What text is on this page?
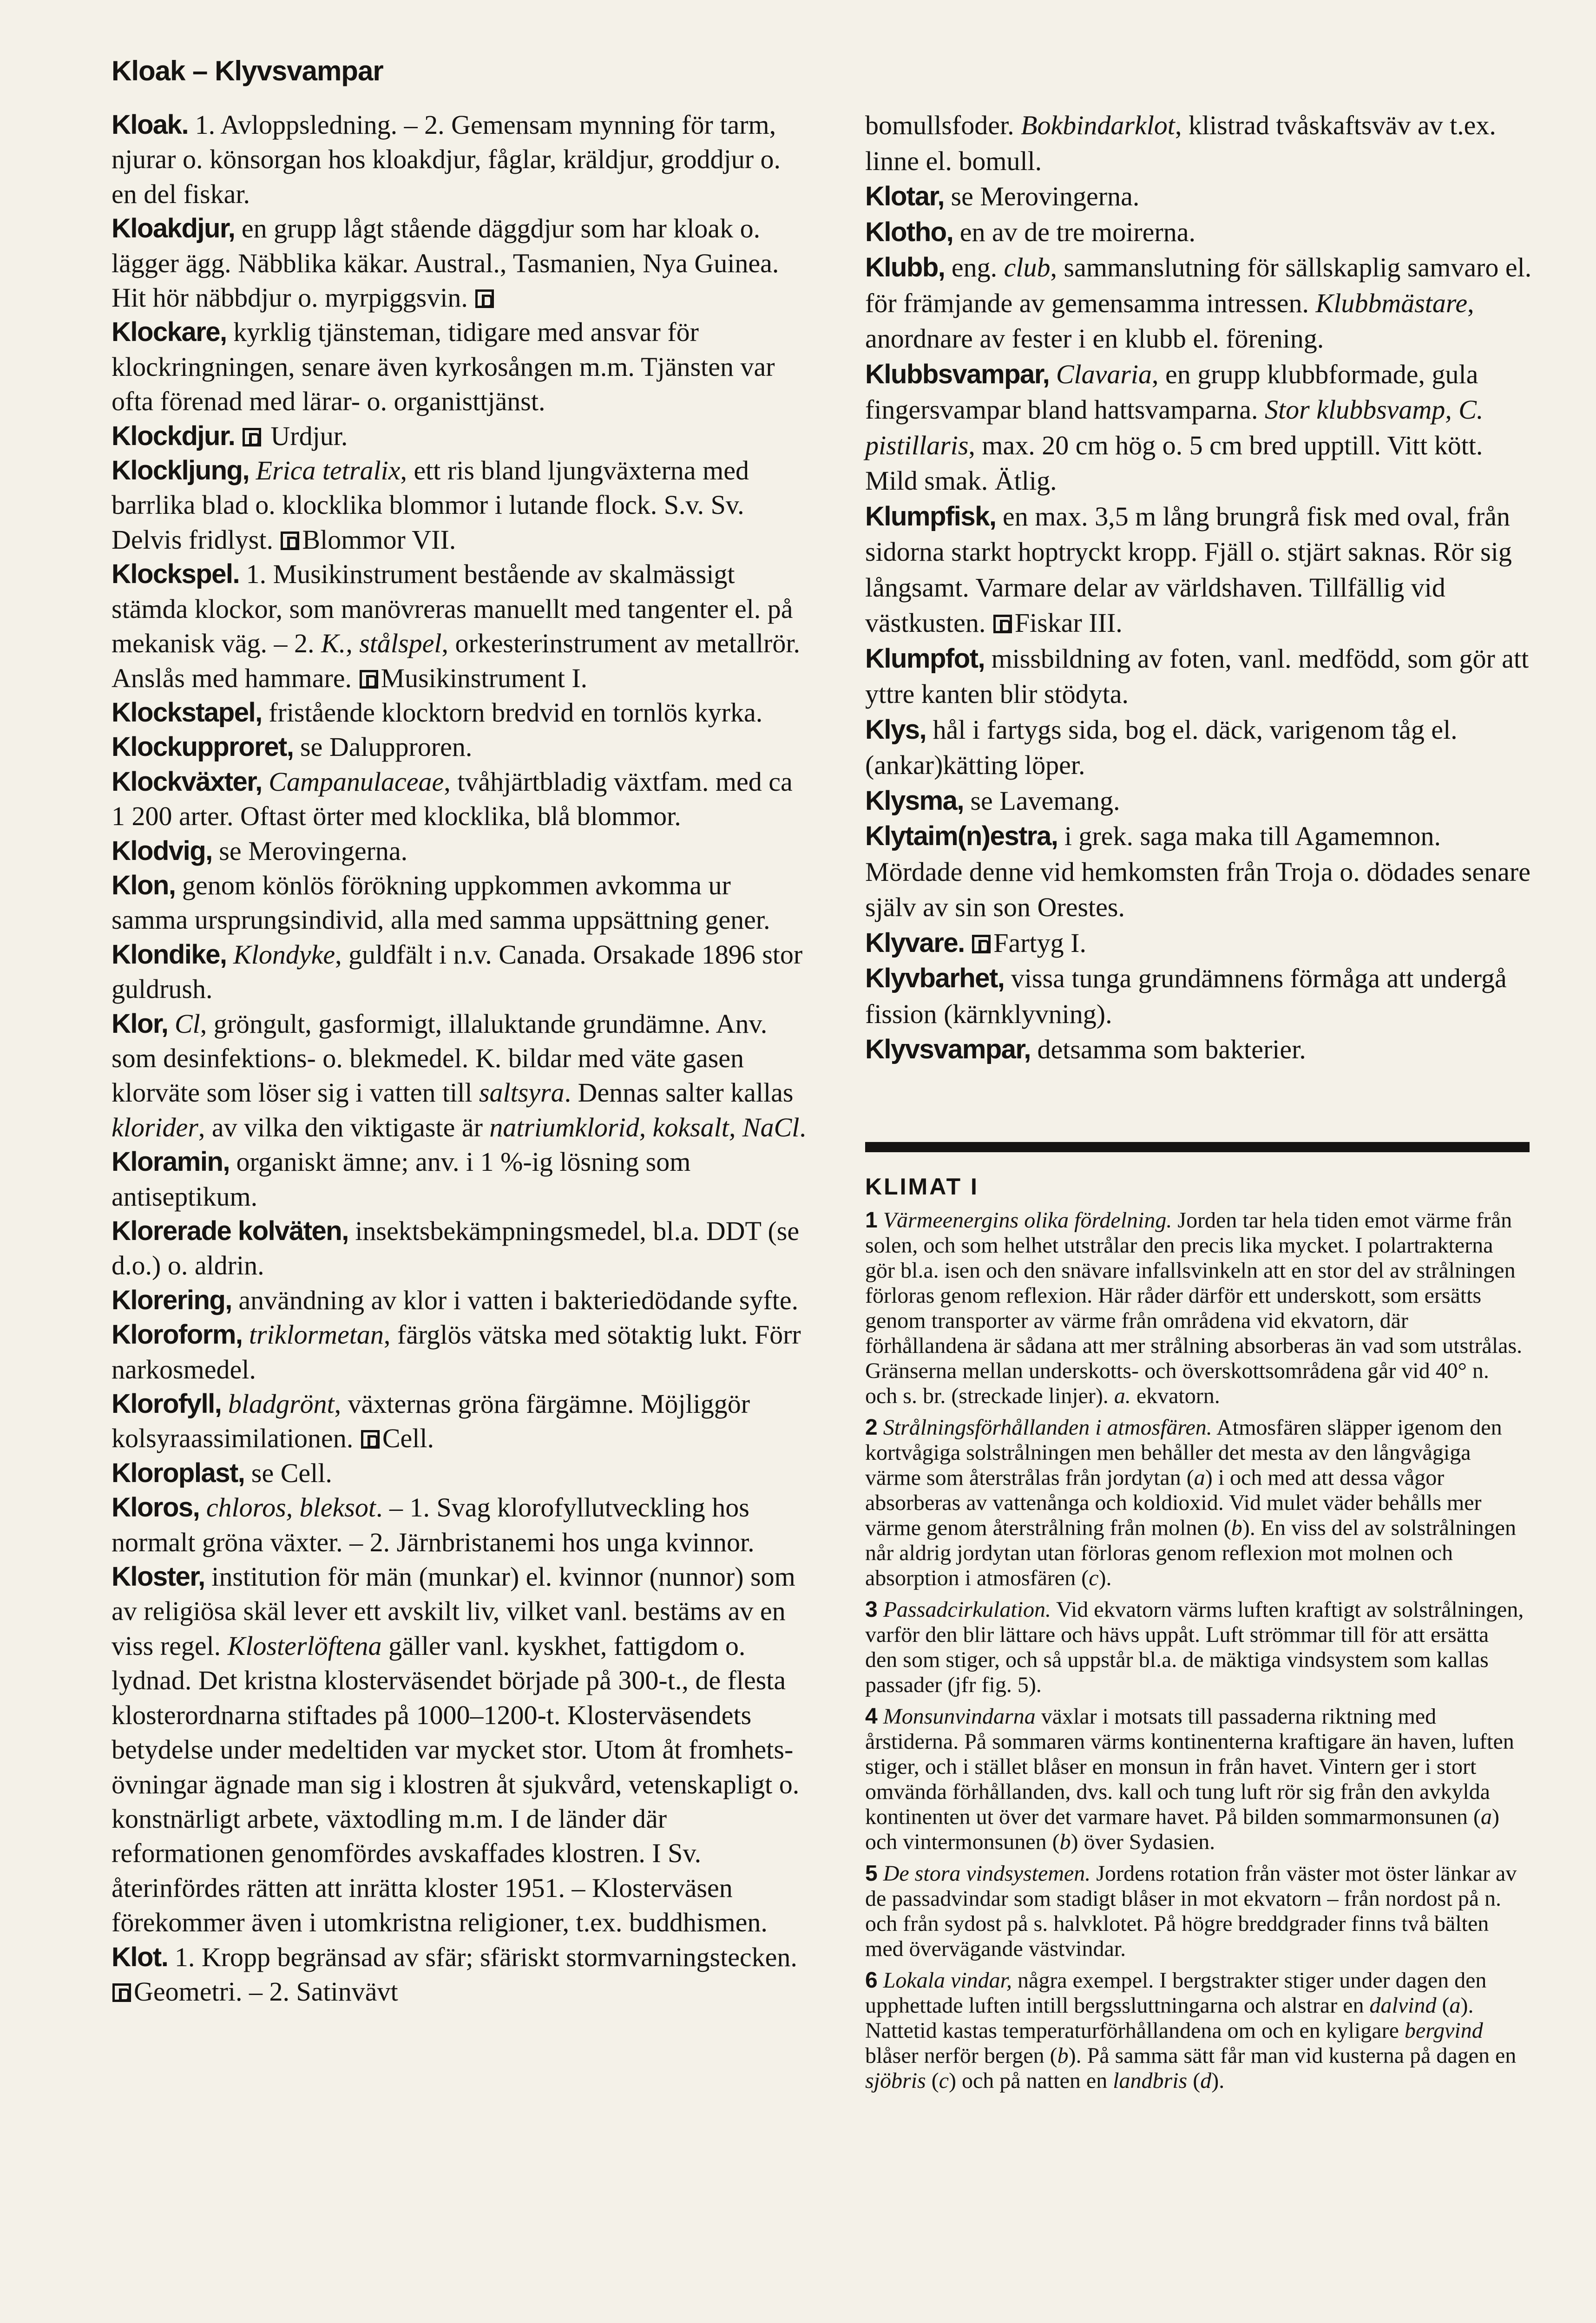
Kloak – Klyvsvampar

Kloak. 1. Avloppsledning. – 2. Gemensam mynning för tarm, njurar o. könsorgan hos kloakdjur, fåglar, kräldjur, groddjur o. en del fiskar.

Kloakdjur, en grupp lågt stående däggdjur som har kloak o. lägger ägg. Näbblika käkar. Austral., Tasmanien, Nya Guinea. Hit hör näbbdjur o. myrpiggsvin.

Klockare, kyrklig tjänsteman, tidigare med ansvar för klockringningen, senare även kyrkosången m.m. Tjänsten var ofta förenad med lärar- o. organisttjänst.

Klockdjur.  Urdjur.

Klockljung, Erica tetralix, ett ris bland ljungväxterna med barrlika blad o. klocklika blommor i lutande flock. S.v. Sv. Delvis fridlyst. Blommor VII.

Klockspel. 1. Musikinstrument bestående av skalmässigt stämda klockor, som manövreras manuellt med tangenter el. på mekanisk väg. – 2. K., stålspel, orkesterinstrument av metallrör. Anslås med hammare. Musikinstrument I.

Klockstapel, fristående klocktorn bredvid en tornlös kyrka.

Klockupproret, se Dalupproren.

Klockväxter, Campanulaceae, tvåhjärtbladig växtfam. med ca 1 200 arter. Oftast örter med klocklika, blå blommor.

Klodvig, se Merovingerna.

Klon, genom könlös förökning uppkommen avkomma ur samma ursprungsindivid, alla med samma uppsättning gener.

Klondike, Klondyke, guldfält i n.v. Canada. Orsakade 1896 stor guldrush.

Klor, Cl, gröngult, gasformigt, illaluktande grundämne. Anv. som desinfektions- o. blekmedel. K. bildar med väte gasen klorväte som löser sig i vatten till saltsyra. Dennas salter kallas klorider, av vilka den viktigaste är natriumklorid, koksalt, NaCl.

Kloramin, organiskt ämne; anv. i 1 %-ig lösning som antiseptikum.

Klorerade kolväten, insektsbekämpningsmedel, bl.a. DDT (se d.o.) o. aldrin.

Klorering, användning av klor i vatten i bakteriedödande syfte.

Kloroform, triklormetan, färglös vätska med sötaktig lukt. Förr narkosmedel.

Klorofyll, bladgrönt, växternas gröna färgämne. Möjliggör kolsyraassimilationen. Cell.

Kloroplast, se Cell.

Kloros, chloros, bleksot. – 1. Svag klorofyllutveckling hos normalt gröna växter. – 2. Järnbristanemi hos unga kvinnor.

Kloster, institution för män (munkar) el. kvinnor (nunnor) som av religiösa skäl lever ett avskilt liv, vilket vanl. bestäms av en viss regel. Klosterlöftena gäller vanl. kyskhet, fattigdom o. lydnad. Det kristna klosterväsendet började på 300-t., de flesta klosterordnarna stiftades på 1000–1200-t. Klosterväsendets betydelse under medeltiden var mycket stor. Utom åt fromhetsövningar ägnade man sig i klostren åt sjukvård, vetenskapligt o. konstnärligt arbete, växtodling m.m. I de länder där reformationen genomfördes avskaffades klostren. I Sv. återinfördes rätten att inrätta kloster 1951. – Klosterväsen förekommer även i utomkristna religioner, t.ex. buddhismen.

Klot. 1. Kropp begränsad av sfär; sfäriskt stormvarningstecken. Geometri. – 2. Satinvävt

bomullsfoder. Bokbindarklot, klistrad tvåskaftsväv av t.ex. linne el. bomull.

Klotar, se Merovingerna.

Klotho, en av de tre moirerna.

Klubb, eng. club, sammanslutning för sällskaplig samvaro el. för främjande av gemensamma intressen. Klubbmästare, anordnare av fester i en klubb el. förening.

Klubbsvampar, Clavaria, en grupp klubbformade, gula fingersvampar bland hattsvamparna. Stor klubbsvamp, C. pistillaris, max. 20 cm hög o. 5 cm bred upptill. Vitt kött. Mild smak. Ätlig.

Klumpfisk, en max. 3,5 m lång brungrå fisk med oval, från sidorna starkt hoptryckt kropp. Fjäll o. stjärt saknas. Rör sig långsamt. Varmare delar av världshaven. Tillfällig vid västkusten. Fiskar III.

Klumpfot, missbildning av foten, vanl. medfödd, som gör att yttre kanten blir stödyta.

Klys, hål i fartygs sida, bog el. däck, varigenom tåg el. (ankar)kätting löper.

Klysma, se Lavemang.

Klytaim(n)estra, i grek. saga maka till Agamemnon. Mördade denne vid hemkomsten från Troja o. dödades senare själv av sin son Orestes.

Klyvare. Fartyg I.

Klyvbarhet, vissa tunga grundämnens förmåga att undergå fission (kärnklyvning).

Klyvsvampar, detsamma som bakterier.

KLIMAT I

1 Värmeenergins olika fördelning. Jorden tar hela tiden emot värme från solen, och som helhet utstrålar den precis lika mycket. I polartrakterna gör bl.a. isen och den snävare infallsvinkeln att en stor del av strålningen förloras genom reflexion. Här råder därför ett underskott, som ersätts genom transporter av värme från områdena vid ekvatorn, där förhållandena är sådana att mer strålning absorberas än vad som utstrålas. Gränserna mellan underskotts- och överskottsområdena går vid 40° n. och s. br. (streckade linjer). a. ekvatorn.

2 Strålningsförhållanden i atmosfären. Atmosfären släpper igenom den kortvågiga solstrålningen men behåller det mesta av den långvågiga värme som återstrålas från jordytan (a) i och med att dessa vågor absorberas av vattenånga och koldioxid. Vid mulet väder behålls mer värme genom återstrålning från molnen (b). En viss del av solstrålningen når aldrig jordytan utan förloras genom reflexion mot molnen och absorption i atmosfären (c).

3 Passadcirkulation. Vid ekvatorn värms luften kraftigt av solstrålningen, varför den blir lättare och hävs uppåt. Luft strömmar till för att ersätta den som stiger, och så uppstår bl.a. de mäktiga vindsystem som kallas passader (jfr fig. 5).

4 Monsunvindarna växlar i motsats till passaderna riktning med årstiderna. På sommaren värms kontinenterna kraftigare än haven, luften stiger, och i stället blåser en monsun in från havet. Vintern ger i stort omvända förhållanden, dvs. kall och tung luft rör sig från den avkylda kontinenten ut över det varmare havet. På bilden sommarmonsunen (a) och vintermonsunen (b) över Sydasien.

5 De stora vindsystemen. Jordens rotation från väster mot öster länkar av de passadvindar som stadigt blåser in mot ekvatorn – från nordost på n. och från sydost på s. halvklotet. På högre breddgrader finns två bälten med övervägande västvindar.

6 Lokala vindar, några exempel. I bergstrakter stiger under dagen den upphettade luften intill bergssluttningarna och alstrar en dalvind (a). Nattetid kastas temperaturförhållandena om och en kyligare bergvind blåser nerför bergen (b). På samma sätt får man vid kusterna på dagen en sjöbris (c) och på natten en landbris (d).
